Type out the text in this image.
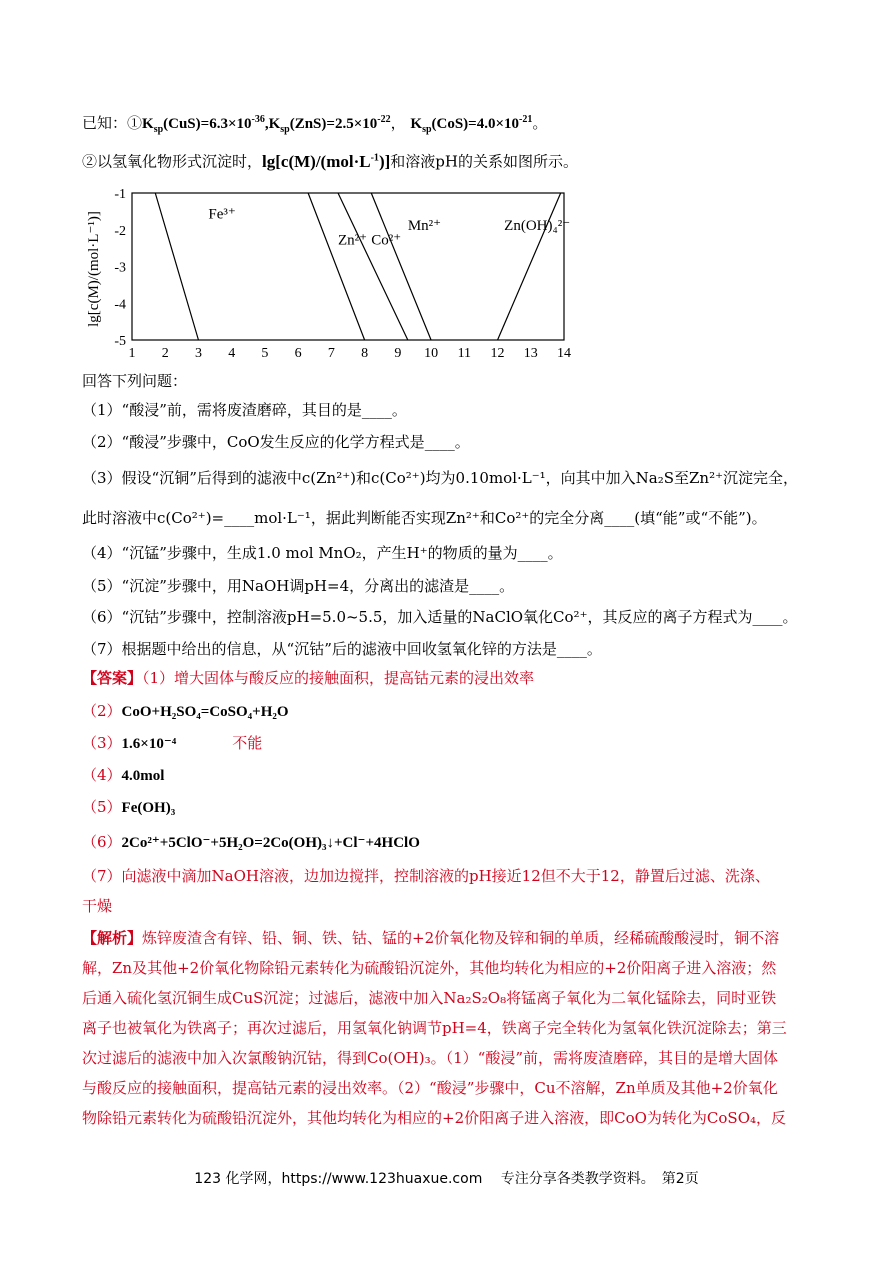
已知：$①K_{sp}(CuS)=6.3\times 10^{-36},K_{sp}(ZnS)=2.5\times 10^{-22}$， $K_{sp}(CoS)=4.0\times 10^{-21}$。
②以氢氧化物形式沉淀时，$\lg[c(M)/(mol\cdot L^{-1})]$和溶液pH的关系如图所示。
lg[c(M)/(mol·L⁻¹)]
1 2 3 4 5 6 7 8 9 10 11 12 13 14
-1
-2
-3
-4
-5
Fe³⁺
Zn²⁺ Co²⁺
Mn²⁺	Zn(OH)₄²⁻
回答下列问题：
（1）“酸浸”前，需将废渣磨碎，其目的是____。
（2）“酸浸”步骤中，CoO发生反应的化学方程式是____。
（3）假设“沉铜”后得到的滤液中c(Zn²⁺)和c(Co²⁺)均为0.10mol·L⁻¹，向其中加入Na₂S至Zn²⁺沉淀完全，
此时溶液中c(Co²⁺)=____mol·L⁻¹，据此判断能否实现Zn²⁺和Co²⁺的完全分离____(填“能”或“不能”)。
（4）“沉锰”步骤中，生成1.0 mol MnO₂，产生H⁺的物质的量为____。
（5）“沉淀”步骤中，用NaOH调pH=4，分离出的滤渣是____。
（6）“沉钴”步骤中，控制溶液pH=5.0~5.5，加入适量的NaClO氧化Co²⁺，其反应的离子方程式为____。
（7）根据题中给出的信息，从“沉钴”后的滤液中回收氢氧化锌的方法是____。
【答案】（1）增大固体与酸反应的接触面积，提高钴元素的浸出效率
（2）CoO+H₂SO₄=CoSO₄+H₂O
（3）1.6×10⁻⁴	不能
（4）4.0mol
（5）Fe(OH)₃
（6）2Co²⁺+5ClO⁻+5H₂O=2Co(OH)₃↓+Cl⁻+4HClO
（7）向滤液中滴加NaOH溶液，边加边搅拌，控制溶液的pH接近12但不大于12，静置后过滤、洗涤、
干燥
【解析】炼锌废渣含有锌、铅、铜、铁、钴、锰的+2价氧化物及锌和铜的单质，经稀硫酸酸浸时，铜不溶
解，Zn及其他+2价氧化物除铅元素转化为硫酸铅沉淀外，其他均转化为相应的+2价阳离子进入溶液；然
后通入硫化氢沉铜生成CuS沉淀；过滤后，滤液中加入Na₂S₂O₈将锰离子氧化为二氧化锰除去，同时亚铁
离子也被氧化为铁离子；再次过滤后，用氢氧化钠调节pH=4，铁离子完全转化为氢氧化铁沉淀除去；第三
次过滤后的滤液中加入次氯酸钠沉钴，得到Co(OH)₃。（1）“酸浸”前，需将废渣磨碎，其目的是增大固体
与酸反应的接触面积，提高钴元素的浸出效率。（2）“酸浸”步骤中，Cu不溶解，Zn单质及其他+2价氧化
物除铅元素转化为硫酸铅沉淀外，其他均转化为相应的+2价阳离子进入溶液，即CoO为转化为CoSO₄，反
123 化学网，https://www.123huaxue.com　 专注分享各类教学资料。　第2页
